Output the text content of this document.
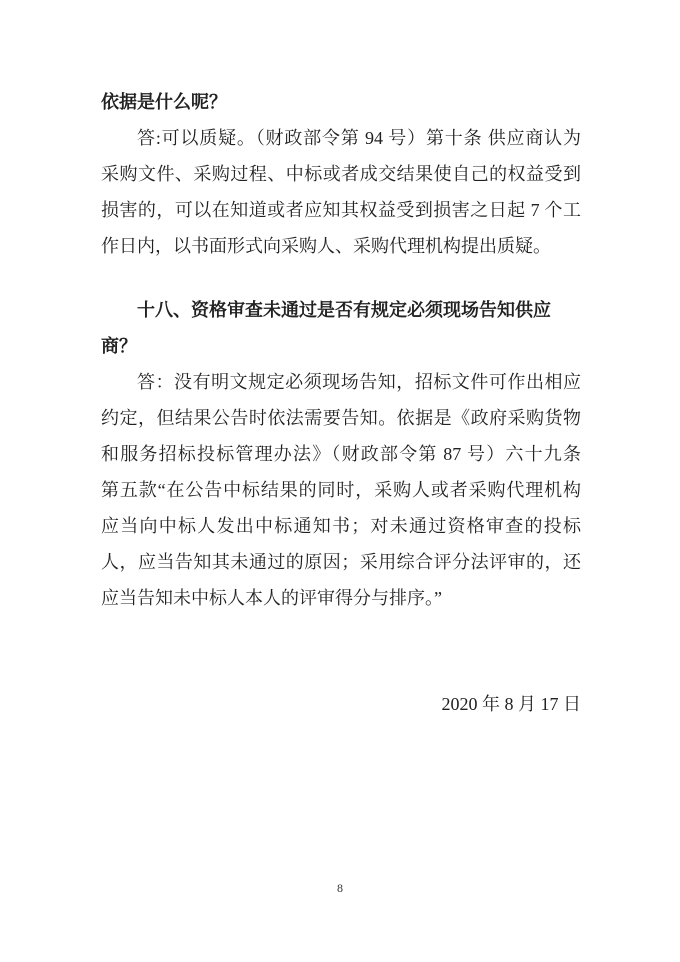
依据是什么呢？
答:可以质疑。（财政部令第 94 号）第十条 供应商认为
采购文件、采购过程、中标或者成交结果使自己的权益受到
损害的，可以在知道或者应知其权益受到损害之日起 7 个工
作日内，以书面形式向采购人、采购代理机构提出质疑。
十八、资格审查未通过是否有规定必须现场告知供应
商？
答：没有明文规定必须现场告知，招标文件可作出相应
约定，但结果公告时依法需要告知。依据是《政府采购货物
和服务招标投标管理办法》（财政部令第 87 号）六十九条
第五款“在公告中标结果的同时，采购人或者采购代理机构
应当向中标人发出中标通知书；对未通过资格审查的投标
人，应当告知其未通过的原因；采用综合评分法评审的，还
应当告知未中标人本人的评审得分与排序。”
2020 年 8 月 17 日
8
